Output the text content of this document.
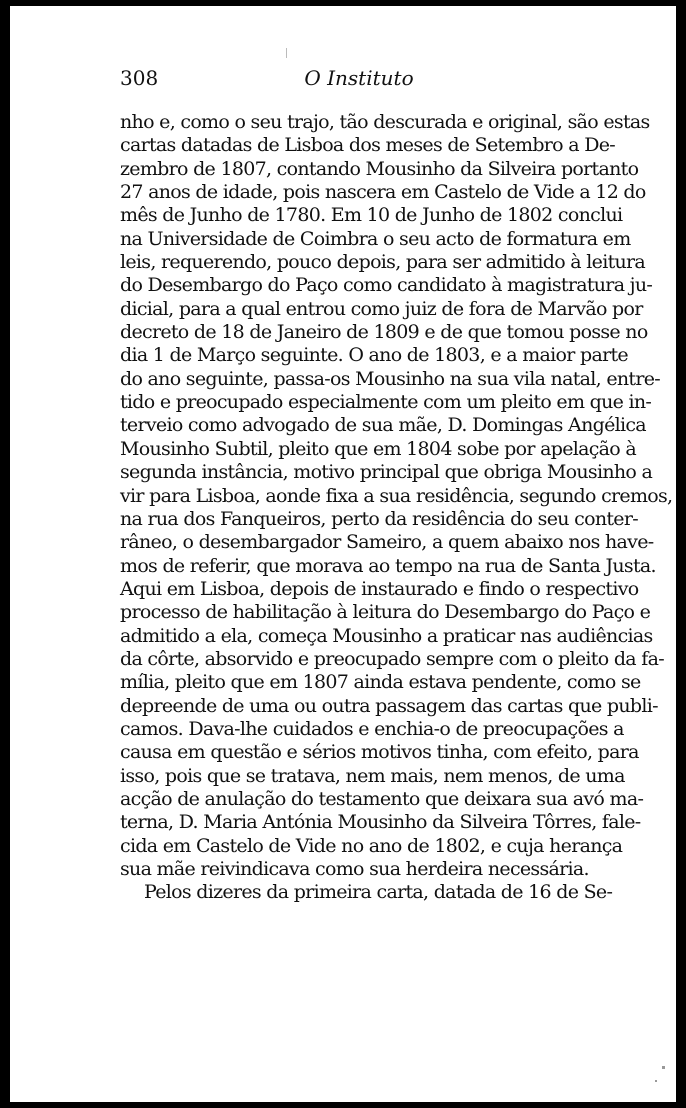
308	O Instituto
nho e, como o seu trajo, tão descurada e original, são estas
cartas datadas de Lisboa dos meses de Setembro a De-
zembro de 1807, contando Mousinho da Silveira portanto
27 anos de idade, pois nascera em Castelo de Vide a 12 do
mês de Junho de 1780. Em 10 de Junho de 1802 conclui
na Universidade de Coimbra o seu acto de formatura em
leis, requerendo, pouco depois, para ser admitido à leitura
do Desembargo do Paço como candidato à magistratura ju-
dicial, para a qual entrou como juiz de fora de Marvão por
decreto de 18 de Janeiro de 1809 e de que tomou posse no
dia 1 de Março seguinte. O ano de 1803, e a maior parte
do ano seguinte, passa-os Mousinho na sua vila natal, entre-
tido e preocupado especialmente com um pleito em que in-
terveio como advogado de sua mãe, D. Domingas Angélica
Mousinho Subtil, pleito que em 1804 sobe por apelação à
segunda instância, motivo principal que obriga Mousinho a
vir para Lisboa, aonde fixa a sua residência, segundo cremos,
na rua dos Fanqueiros, perto da residência do seu conter-
râneo, o desembargador Sameiro, a quem abaixo nos have-
mos de referir, que morava ao tempo na rua de Santa Justa.
Aqui em Lisboa, depois de instaurado e findo o respectivo
processo de habilitação à leitura do Desembargo do Paço e
admitido a ela, começa Mousinho a praticar nas audiências
da côrte, absorvido e preocupado sempre com o pleito da fa-
mília, pleito que em 1807 ainda estava pendente, como se
depreende de uma ou outra passagem das cartas que publi-
camos. Dava-lhe cuidados e enchia-o de preocupações a
causa em questão e sérios motivos tinha, com efeito, para
isso, pois que se tratava, nem mais, nem menos, de uma
acção de anulação do testamento que deixara sua avó ma-
terna, D. Maria Antónia Mousinho da Silveira Tôrres, fale-
cida em Castelo de Vide no ano de 1802, e cuja herança
sua mãe reivindicava como sua herdeira necessária.
Pelos dizeres da primeira carta, datada de 16 de Se-
